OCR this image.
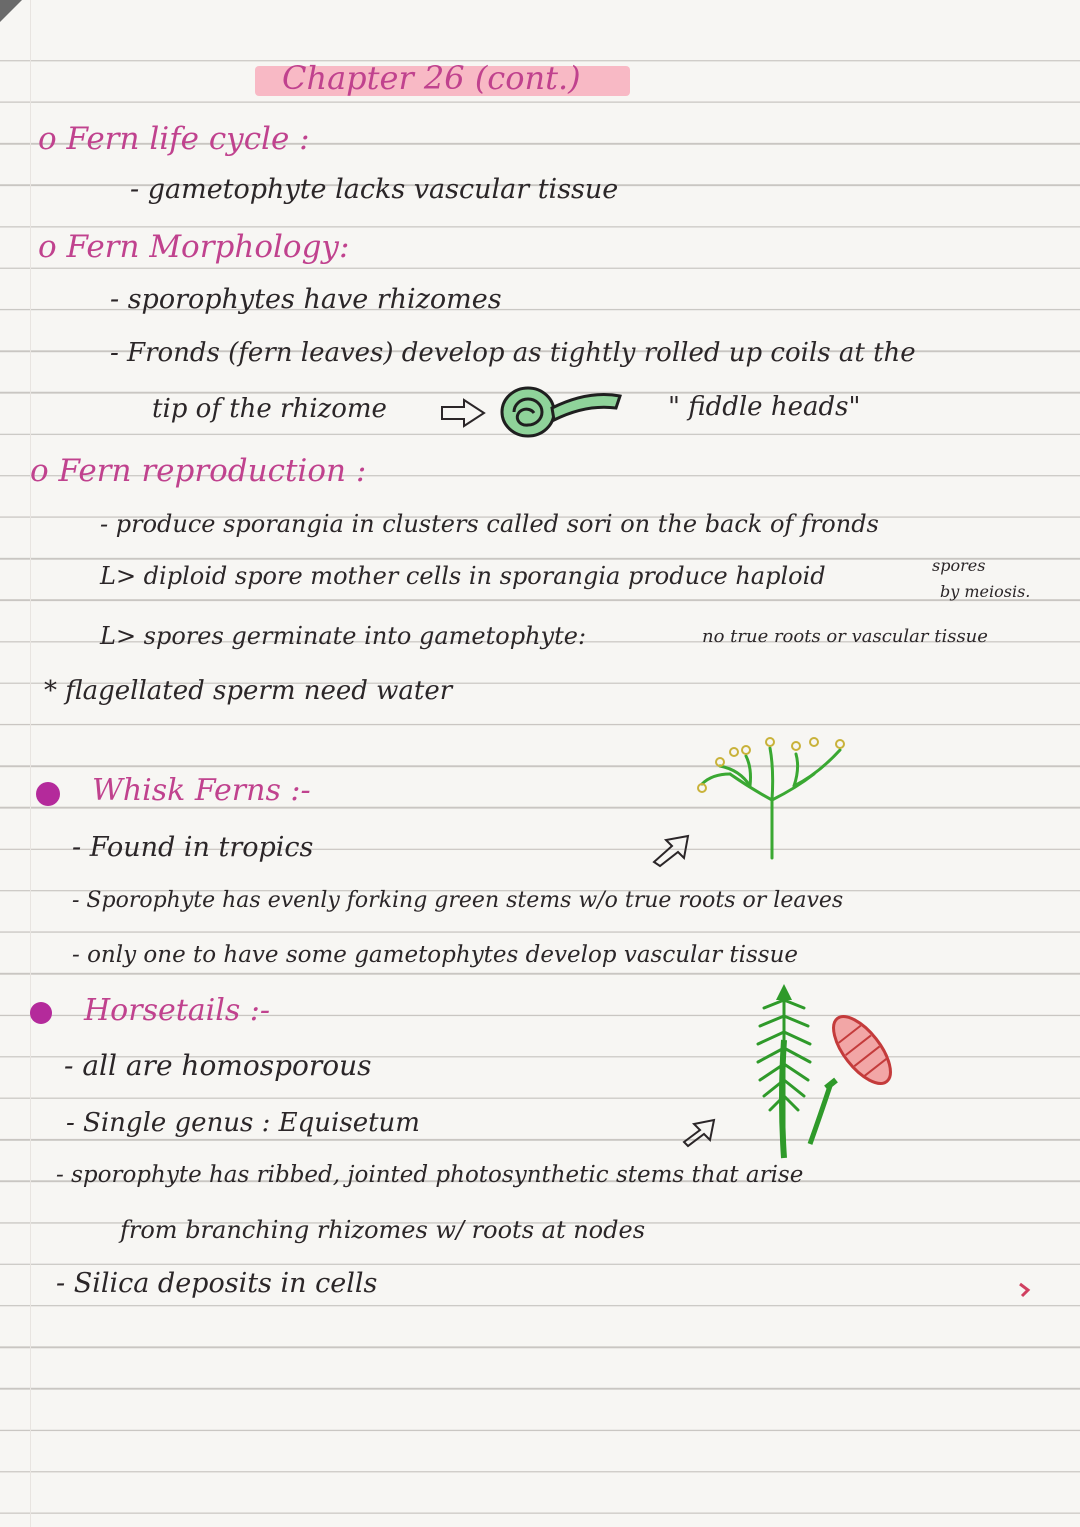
Chapter 26 (cont.)
o Fern life cycle :
- gametophyte lacks vascular tissue
o Fern Morphology:
- sporophytes have rhizomes
- Fronds (fern leaves) develop as tightly rolled up coils at the
tip of the rhizome	" fiddle heads"
o Fern reproduction :
- produce sporangia in clusters called sori on the back of fronds
L> diploid spore mother cells in sporangia produce haploid	spores
by meiosis.
L> spores germinate into gametophyte:	no true roots or vascular tissue
* flagellated sperm need water
Whisk Ferns :-
- Found in tropics
- Sporophyte has evenly forking green stems w/o true roots or leaves
- only one to have some gametophytes develop vascular tissue
Horsetails :-
- all are homosporous
- Single genus : Equisetum
- sporophyte has ribbed, jointed photosynthetic stems that arise
from branching rhizomes w/ roots at nodes
- Silica deposits in cells
